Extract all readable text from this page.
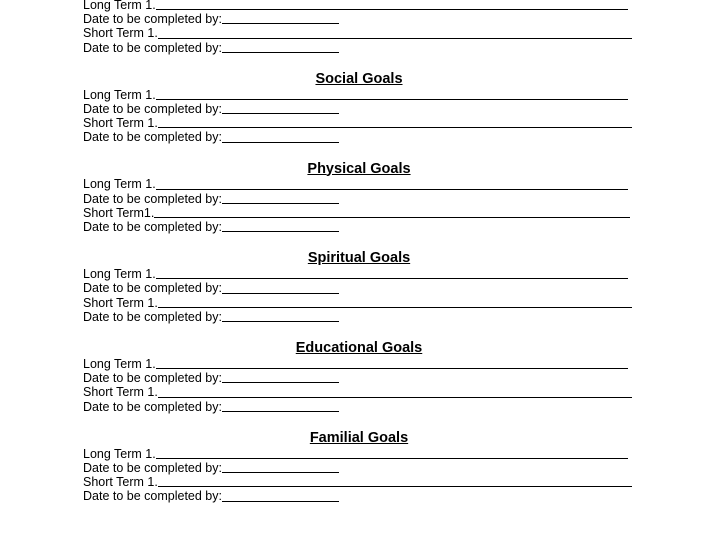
Long Term 1.
Date to be completed by:
Short Term 1.
Date to be completed by:
Social Goals
Long Term 1.
Date to be completed by:
Short Term 1.
Date to be completed by:
Physical Goals
Long Term 1.
Date to be completed by:
Short Term1.
Date to be completed by:
Spiritual Goals
Long Term 1.
Date to be completed by:
Short Term 1.
Date to be completed by:
Educational Goals
Long Term 1.
Date to be completed by:
Short Term 1.
Date to be completed by:
Familial Goals
Long Term 1.
Date to be completed by:
Short Term 1.
Date to be completed by:
